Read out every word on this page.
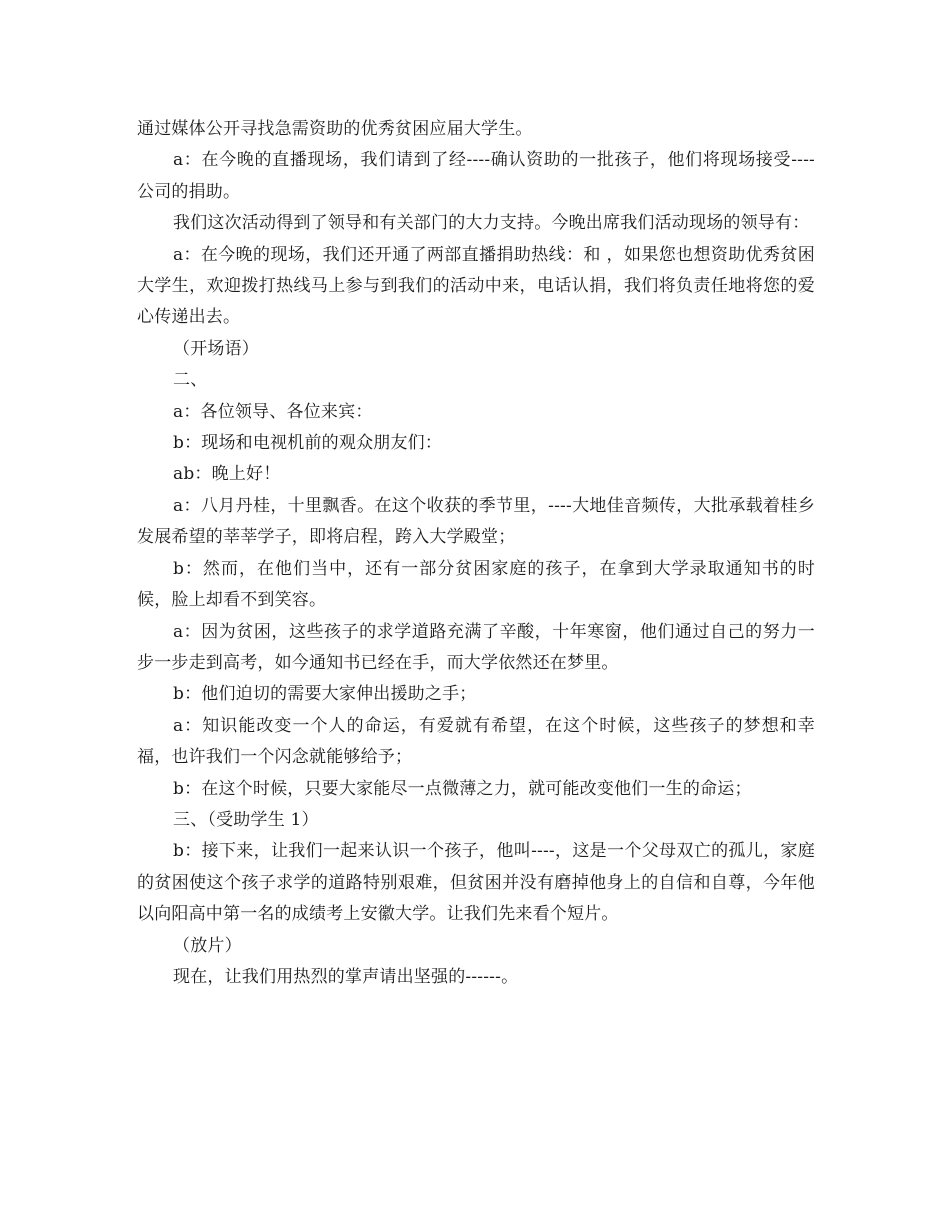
通过媒体公开寻找急需资助的优秀贫困应届大学生。

a：在今晚的直播现场，我们请到了经----确认资助的一批孩子，他们将现场接受----公司的捐助。

我们这次活动得到了领导和有关部门的大力支持。今晚出席我们活动现场的领导有：

a：在今晚的现场，我们还开通了两部直播捐助热线：和 ，如果您也想资助优秀贫困大学生，欢迎拨打热线马上参与到我们的活动中来，电话认捐，我们将负责任地将您的爱心传递出去。

（开场语）

二、

a：各位领导、各位来宾：

b：现场和电视机前的观众朋友们：

ab：晚上好！

a：八月丹桂，十里飘香。在这个收获的季节里，----大地佳音频传，大批承载着桂乡发展希望的莘莘学子，即将启程，跨入大学殿堂；

b：然而，在他们当中，还有一部分贫困家庭的孩子，在拿到大学录取通知书的时候，脸上却看不到笑容。

a：因为贫困，这些孩子的求学道路充满了辛酸，十年寒窗，他们通过自己的努力一步一步走到高考，如今通知书已经在手，而大学依然还在梦里。

b：他们迫切的需要大家伸出援助之手；

a：知识能改变一个人的命运，有爱就有希望，在这个时候，这些孩子的梦想和幸福，也许我们一个闪念就能够给予；

b：在这个时候，只要大家能尽一点微薄之力，就可能改变他们一生的命运；

三、（受助学生 1）

b：接下来，让我们一起来认识一个孩子，他叫----，这是一个父母双亡的孤儿，家庭的贫困使这个孩子求学的道路特别艰难，但贫困并没有磨掉他身上的自信和自尊，今年他以向阳高中第一名的成绩考上安徽大学。让我们先来看个短片。

（放片）

现在，让我们用热烈的掌声请出坚强的------。
